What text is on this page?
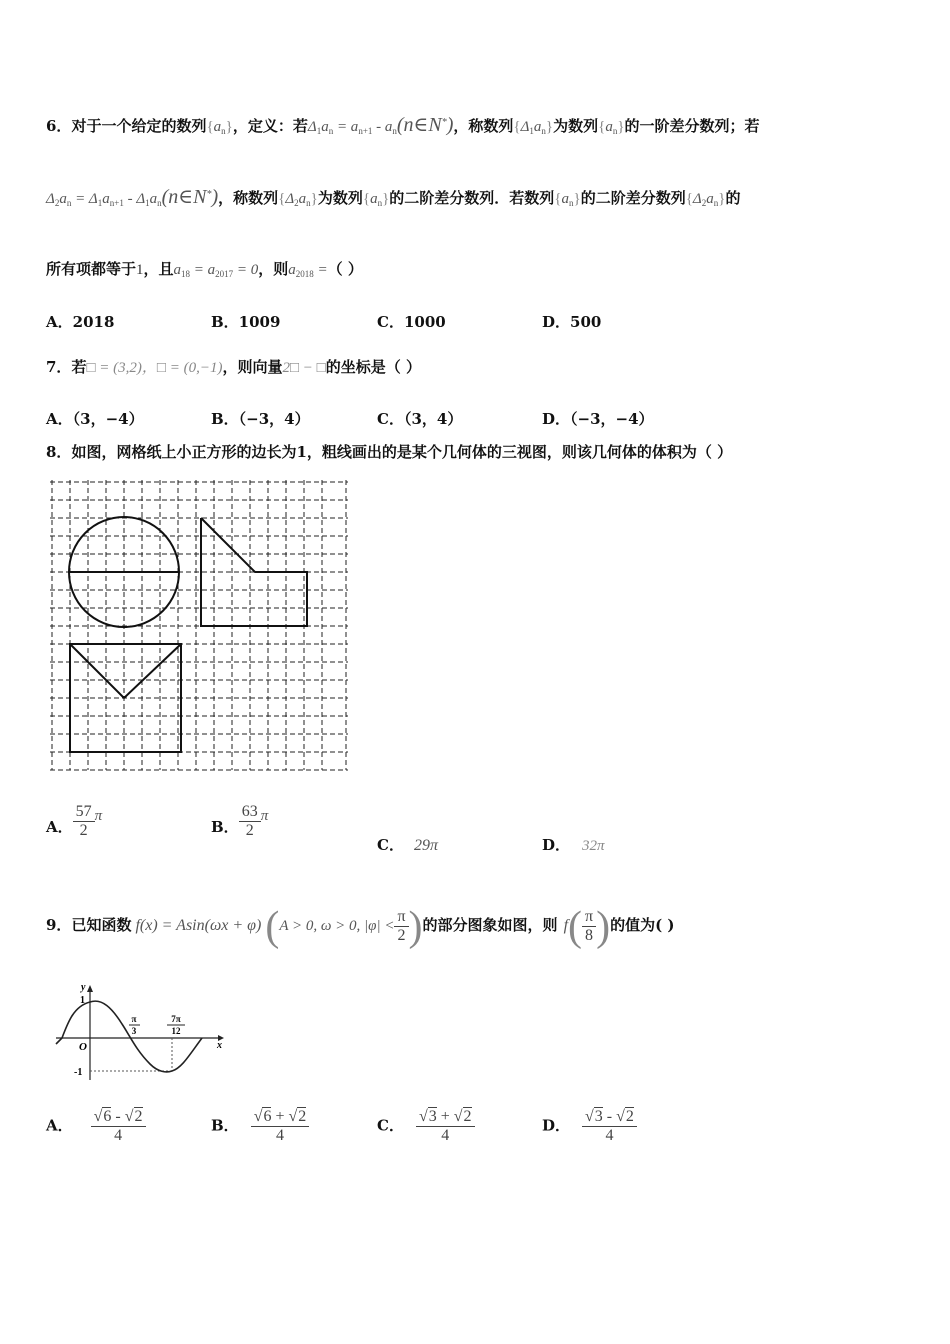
6．对于一个给定的数列$\{a_n\}$，定义：若$\Delta_1a_n = a_{n+1}$ - $a_n(n\in N^*)$，称数列$\{\Delta_1a_n\}$为数列$\{a_n\}$的一阶差分数列；若
$\Delta_2a_n = \Delta_1a_{n+1}$ - $\Delta_1a_n(n\in N^*)$，称数列$\{\Delta_2a_n\}$为数列$\{a_n\}$的二阶差分数列．若数列$\{a_n\}$的二阶差分数列$\{\Delta_2a_n\}$的
所有项都等于1，且$a_{18} = a_{2017} = 0$，则$a_{2018}$ =（ ）
A．2018	B．1009	C．1000	D．500
7．若□ = (3,2)，□ = (0,−1)，则向量2□ − □的坐标是（ ）
A．（3，−4）	B．（−3，4）	C．（3，4）	D．（−3，−4）
8．如图，网格纸上小正方形的边长为1，粗线画出的是某个几何体的三视图，则该几何体的体积为（ ）
A． $\frac{57}{2}$ π
B． $\frac{63}{2}$ π
C． 29π	D． 32π
9．已知函数 f(x) = Asin(ωx + φ)(A > 0, ω > 0, $|\varphi| < \frac{\pi}{2}$ )的部分图象如图，则 $f( \frac{\pi}{8}$ )的值为( )
y
x
O
1
-1
π
3
7π
12
A． $\frac{√6 - √2}{4}$	B． $\frac{√6 + √2}{4}$	C． $\frac{√3 + √2}{4}$	D． $\frac{√3 - √2}{4}$
